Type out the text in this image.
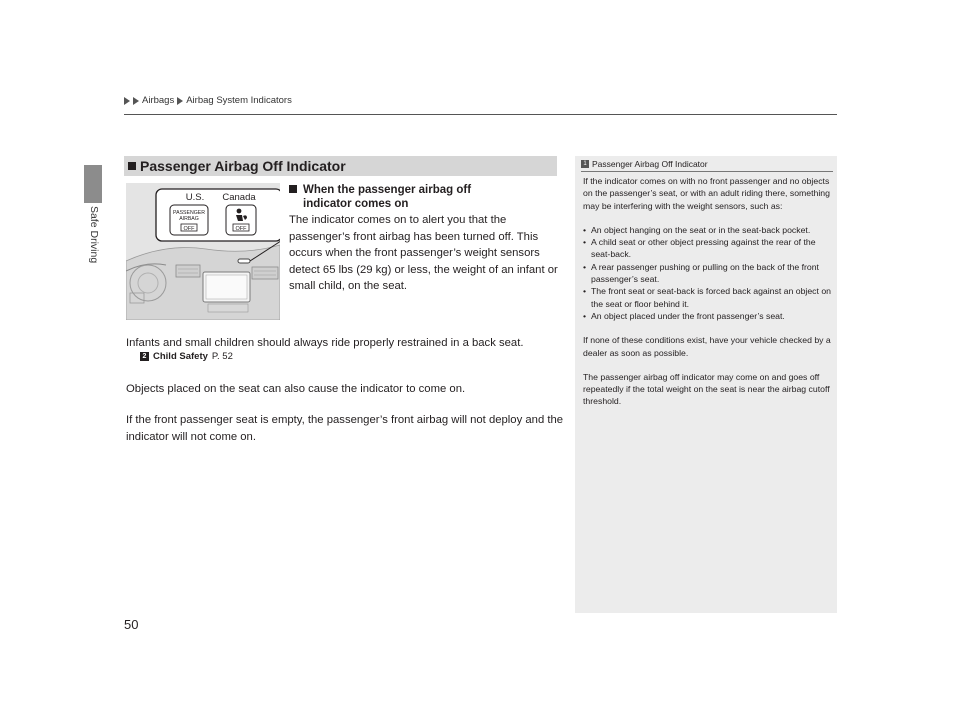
Airbags Airbag System Indicators
Safe Driving
Passenger Airbag Off Indicator
U.S. Canada
PASSENGER
AIRBAG
OFF	OFF
When the passenger airbag off
indicator comes on
The indicator comes on to alert you that the passenger’s front airbag has been turned off. This occurs when the front passenger’s weight sensors detect 65 lbs (29 kg) or less, the weight of an infant or small child, on the seat.
Infants and small children should always ride properly restrained in a back seat.
2 Child Safety P. 52
Objects placed on the seat can also cause the indicator to come on.
If the front passenger seat is empty, the passenger’s front airbag will not deploy and the indicator will not come on.
1 Passenger Airbag Off Indicator

If the indicator comes on with no front passenger and no objects on the passenger’s seat, or with an adult riding there, something may be interfering with the weight sensors, such as:

• An object hanging on the seat or in the seat-back pocket.
• A child seat or other object pressing against the rear of the seat-back.
• A rear passenger pushing or pulling on the back of the front passenger’s seat.
• The front seat or seat-back is forced back against an object on the seat or floor behind it.
• An object placed under the front passenger’s seat.

If none of these conditions exist, have your vehicle checked by a dealer as soon as possible.

The passenger airbag off indicator may come on and goes off repeatedly if the total weight on the seat is near the airbag cutoff threshold.

50
